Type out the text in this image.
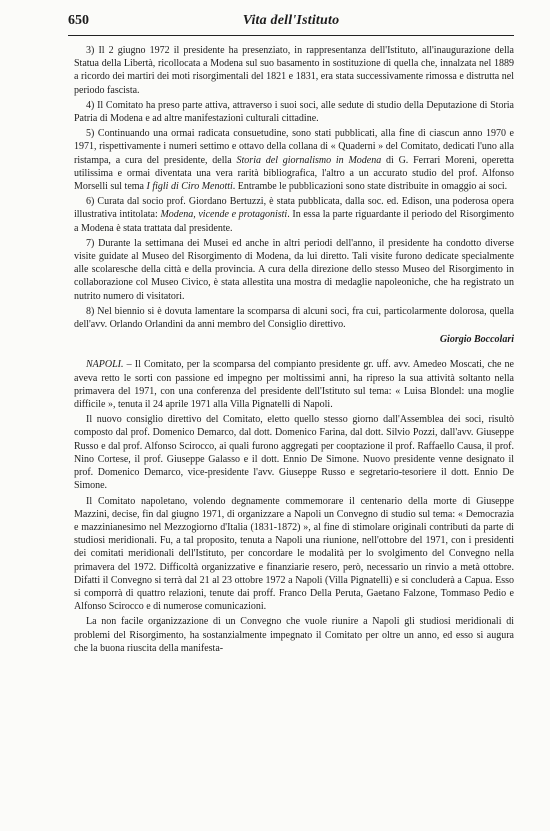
650	Vita dell'Istituto

3) Il 2 giugno 1972 il presidente ha presenziato, in rappresentanza dell'Istituto, all'inaugurazione della Statua della Libertà, ricollocata a Modena sul suo basamento in sostituzione di quella che, innalzata nel 1889 a ricordo dei martiri dei moti risorgimentali del 1821 e 1831, era stata successivamente rimossa e distrutta nel periodo fascista.

4) Il Comitato ha preso parte attiva, attraverso i suoi soci, alle sedute di studio della Deputazione di Storia Patria di Modena e ad altre manifestazioni culturali cittadine.

5) Continuando una ormai radicata consuetudine, sono stati pubblicati, alla fine di ciascun anno 1970 e 1971, rispettivamente i numeri settimo e ottavo della collana di « Quaderni » del Comitato, dedicati l'uno alla ristampa, a cura del presidente, della Storia del giornalismo in Modena di G. Ferrari Moreni, operetta utilissima e ormai diventata una vera rarità bibliografica, l'altro a un accurato studio del prof. Alfonso Morselli sul tema I figli di Ciro Menotti. Entrambe le pubblicazioni sono state distribuite in omaggio ai soci.

6) Curata dal socio prof. Giordano Bertuzzi, è stata pubblicata, dalla soc. ed. Edison, una poderosa opera illustrativa intitolata: Modena, vicende e protagonisti. In essa la parte riguardante il periodo del Risorgimento a Modena è stata trattata dal presidente.

7) Durante la settimana dei Musei ed anche in altri periodi dell'anno, il presidente ha condotto diverse visite guidate al Museo del Risorgimento di Modena, da lui diretto. Tali visite furono dedicate specialmente alle scolaresche della città e della provincia. A cura della direzione dello stesso Museo del Risorgimento in collaborazione col Museo Civico, è stata allestita una mostra di medaglie napoleoniche, che ha registrato un nutrito numero di visitatori.

8) Nel biennio si è dovuta lamentare la scomparsa di alcuni soci, fra cui, particolarmente dolorosa, quella dell'avv. Orlando Orlandini da anni membro del Consiglio direttivo.

Giorgio Boccolari

NAPOLI. – Il Comitato, per la scomparsa del compianto presidente gr. uff. avv. Amedeo Moscati, che ne aveva retto le sorti con passione ed impegno per moltissimi anni, ha ripreso la sua attività soltanto nella primavera del 1971, con una conferenza del presidente dell'Istituto sul tema: « Luisa Blondel: una moglie difficile », tenuta il 24 aprile 1971 alla Villa Pignatelli di Napoli.

Il nuovo consiglio direttivo del Comitato, eletto quello stesso giorno dall'Assemblea dei soci, risultò composto dal prof. Domenico Demarco, dal dott. Domenico Farina, dal dott. Silvio Pozzi, dall'avv. Giuseppe Russo e dal prof. Alfonso Scirocco, ai quali furono aggregati per cooptazione il prof. Raffaello Causa, il prof. Nino Cortese, il prof. Giuseppe Galasso e il dott. Ennio De Simone. Nuovo presidente venne designato il prof. Domenico Demarco, vice-presidente l'avv. Giuseppe Russo e segretario-tesoriere il dott. Ennio De Simone.

Il Comitato napoletano, volendo degnamente commemorare il centenario della morte di Giuseppe Mazzini, decise, fin dal giugno 1971, di organizzare a Napoli un Convegno di studio sul tema: « Democrazia e mazzinianesimo nel Mezzogiorno d'Italia (1831-1872) », al fine di stimolare originali contributi da parte di studiosi meridionali. Fu, a tal proposito, tenuta a Napoli una riunione, nell'ottobre del 1971, con i presidenti dei comitati meridionali dell'Istituto, per concordare le modalità per lo svolgimento del Convegno nella primavera del 1972. Difficoltà organizzative e finanziarie resero, però, necessario un rinvio a metà ottobre. Difatti il Convegno si terrà dal 21 al 23 ottobre 1972 a Napoli (Villa Pignatelli) e si concluderà a Capua. Esso si comporrà di quattro relazioni, tenute dai proff. Franco Della Peruta, Gaetano Falzone, Tommaso Pedio e Alfonso Scirocco e di numerose comunicazioni.

La non facile organizzazione di un Convegno che vuole riunire a Napoli gli studiosi meridionali di problemi del Risorgimento, ha sostanzialmente impegnato il Comitato per oltre un anno, ed esso si augura che la buona riuscita della manifesta-
